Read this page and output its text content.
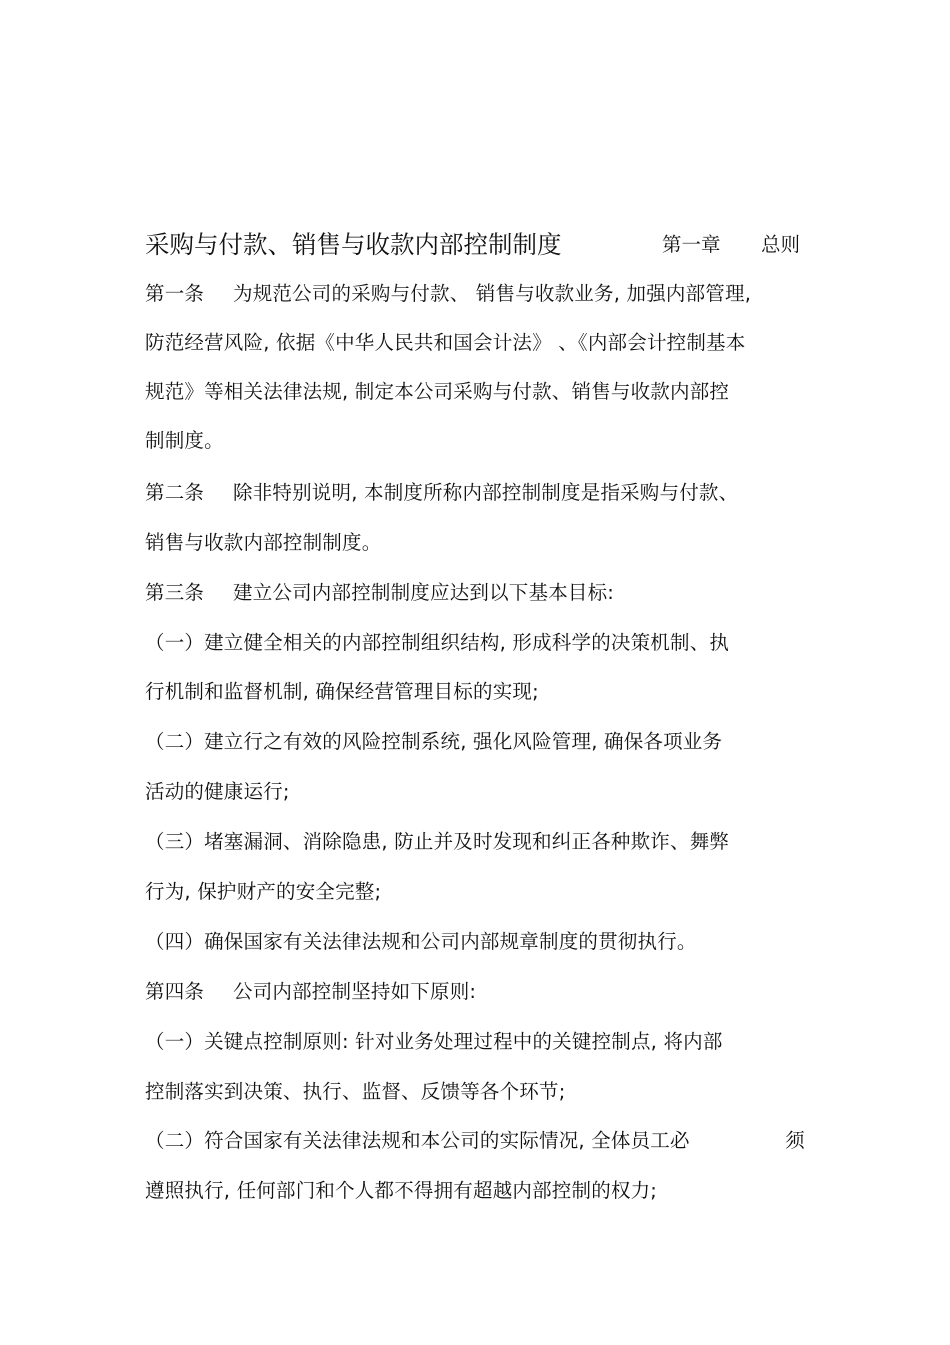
采购与付款、销售与收款内部控制制度	第一章 总则
第一条 为规范公司的采购与付款、 销售与收款业务, 加强内部管理,
防范经营风险, 依据《中华人民共和国会计法》 、《内部会计控制基本
规范》等相关法律法规, 制定本公司采购与付款、销售与收款内部控
制制度。
第二条 除非特别说明, 本制度所称内部控制制度是指采购与付款、
销售与收款内部控制制度。
第三条 建立公司内部控制制度应达到以下基本目标:
（一）建立健全相关的内部控制组织结构, 形成科学的决策机制、执
行机制和监督机制, 确保经营管理目标的实现;
（二）建立行之有效的风险控制系统, 强化风险管理, 确保各项业务
活动的健康运行;
（三）堵塞漏洞、消除隐患, 防止并及时发现和纠正各种欺诈、舞弊
行为, 保护财产的安全完整;
（四）确保国家有关法律法规和公司内部规章制度的贯彻执行。
第四条 公司内部控制坚持如下原则:
（一）关键点控制原则: 针对业务处理过程中的关键控制点, 将内部
控制落实到决策、执行、监督、反馈等各个环节;
（二）符合国家有关法律法规和本公司的实际情况, 全体员工必	须
遵照执行, 任何部门和个人都不得拥有超越内部控制的权力;
